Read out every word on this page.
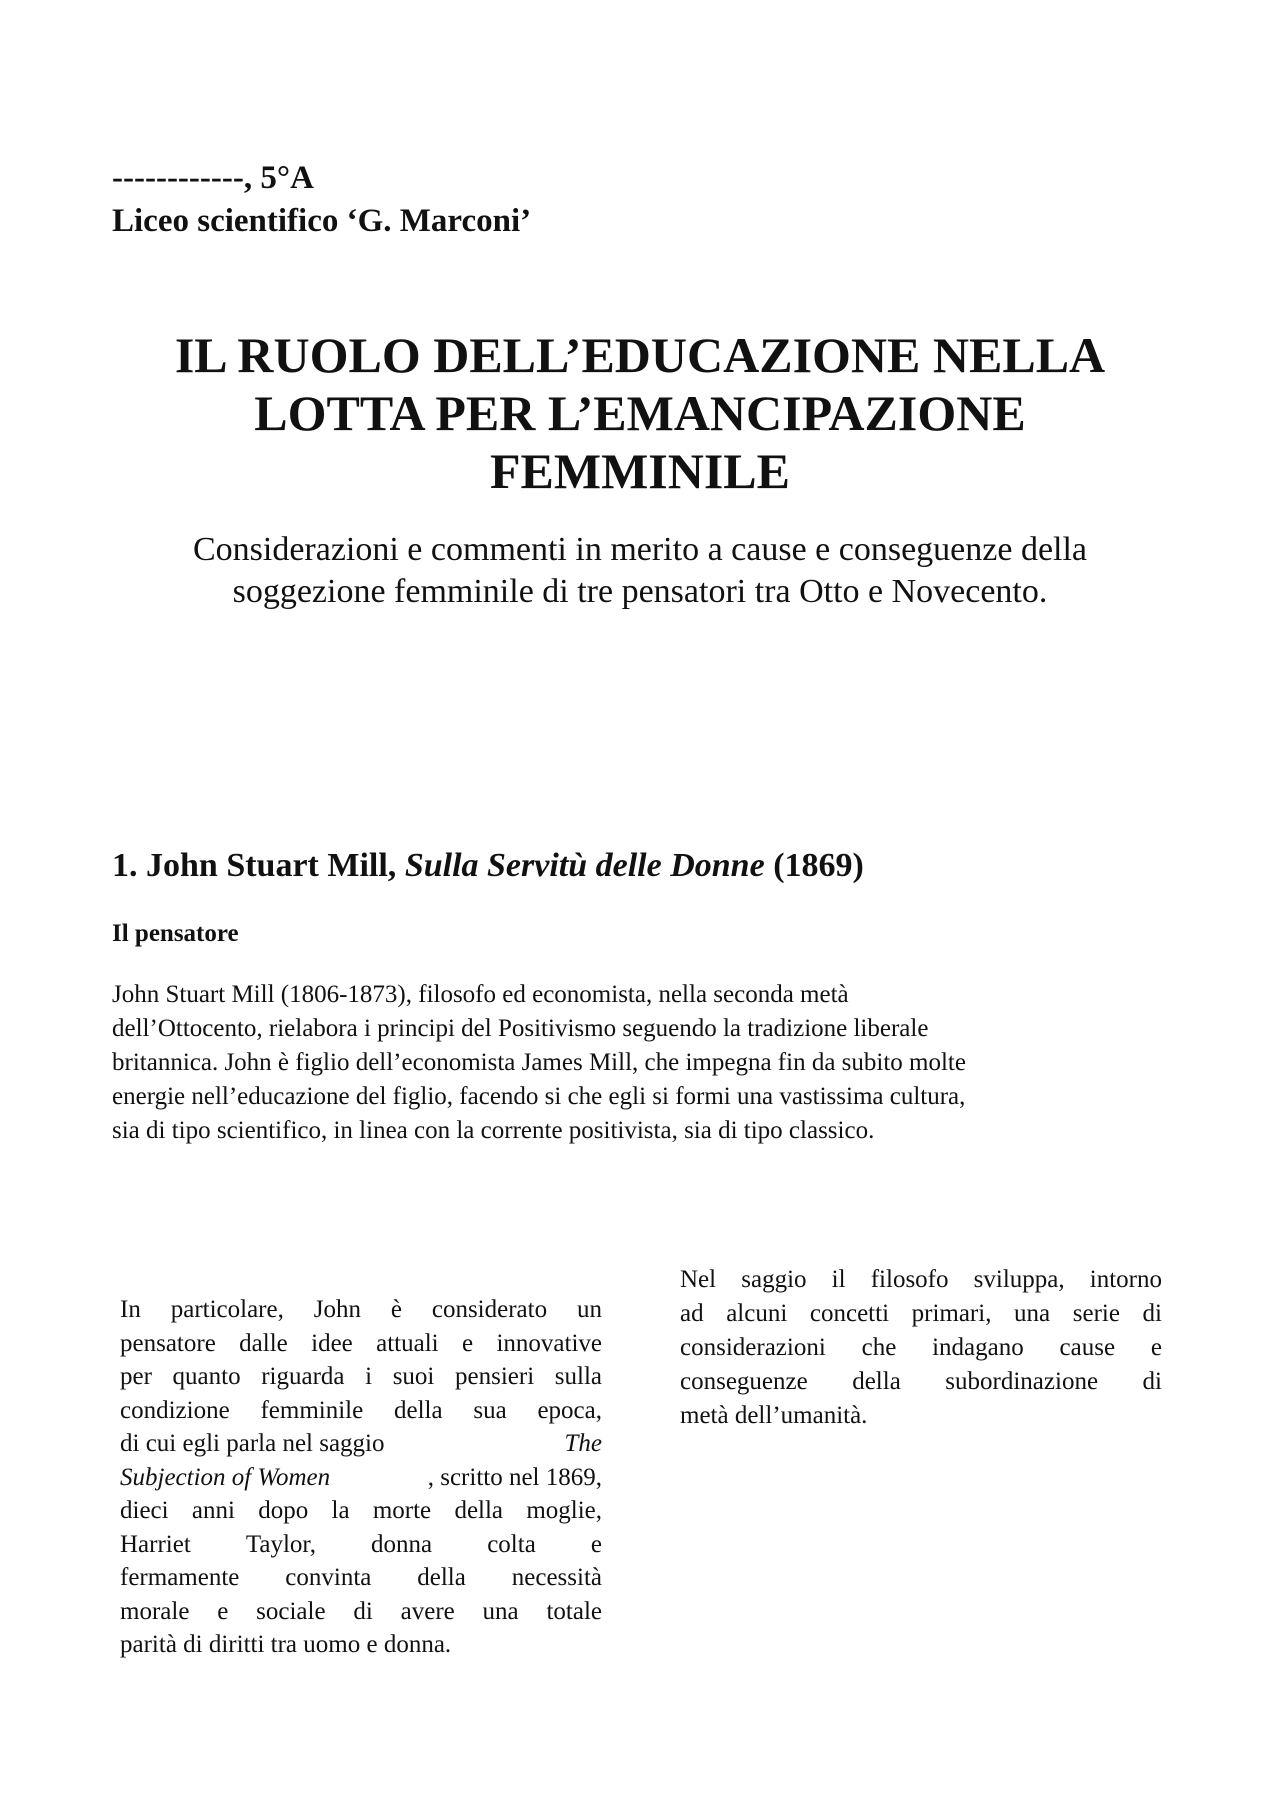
------------, 5°A
Liceo scientifico ‘G. Marconi’
IL RUOLO DELL’EDUCAZIONE NELLA
LOTTA PER L’EMANCIPAZIONE
FEMMINILE
Considerazioni e commenti in merito a cause e conseguenze della
soggezione femminile di tre pensatori tra Otto e Novecento.
1. John Stuart Mill, Sulla Servitù delle Donne (1869)
Il pensatore
John Stuart Mill (1806-1873), filosofo ed economista, nella seconda metà
dell’Ottocento, rielabora i principi del Positivismo seguendo la tradizione liberale
britannica. John è figlio dell’economista James Mill, che impegna fin da subito molte
energie nell’educazione del figlio, facendo si che egli si formi una vastissima cultura,
sia di tipo scientifico, in linea con la corrente positivista, sia di tipo classico.
In particolare, John è considerato un
pensatore dalle idee attuali e innovative
per quanto riguarda i suoi pensieri sulla
condizione femminile della sua epoca,
di cui egli parla nel saggio	The
Subjection of Women	, scritto nel 1869,
dieci anni dopo la morte della moglie,
Harriet Taylor, donna colta e
fermamente convinta della necessità
morale e sociale di avere una totale
parità di diritti tra uomo e donna.
Nel saggio il filosofo sviluppa, intorno
ad alcuni concetti primari, una serie di
considerazioni che indagano cause e
conseguenze della subordinazione di
metà dell’umanità.
